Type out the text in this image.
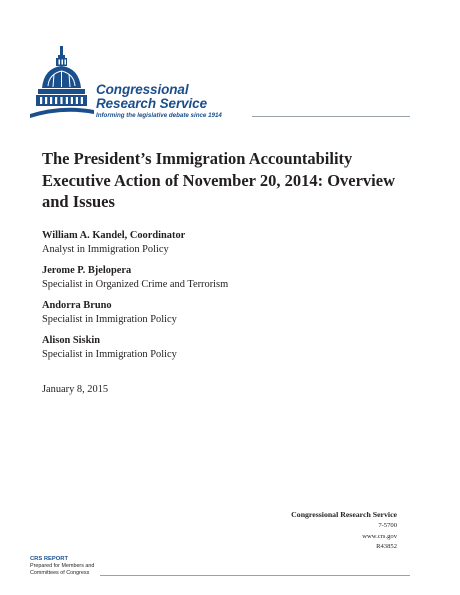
Congressional
Research Service
Informing the legislative debate since 1914
The President’s Immigration Accountability Executive Action of November 20, 2014: Overview and Issues
William A. Kandel, Coordinator
Analyst in Immigration Policy
Jerome P. Bjelopera
Specialist in Organized Crime and Terrorism
Andorra Bruno
Specialist in Immigration Policy
Alison Siskin
Specialist in Immigration Policy
January 8, 2015
Congressional Research Service
7-5700
www.crs.gov
R43852
CRS REPORT
Prepared for Members and
Committees of Congress
